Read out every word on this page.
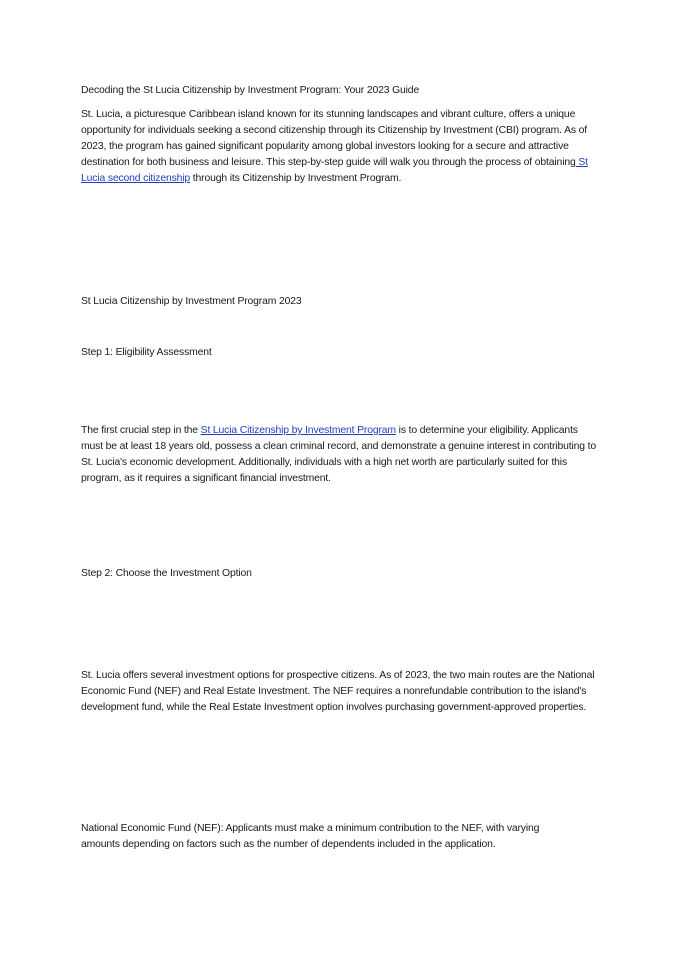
Decoding the St Lucia Citizenship by Investment Program: Your 2023 Guide

St. Lucia, a picturesque Caribbean island known for its stunning landscapes and vibrant culture, offers a unique opportunity for individuals seeking a second citizenship through its Citizenship by Investment (CBI) program. As of 2023, the program has gained significant popularity among global investors looking for a secure and attractive destination for both business and leisure. This step-by-step guide will walk you through the process of obtaining St Lucia second citizenship through its Citizenship by Investment Program.

St Lucia Citizenship by Investment Program 2023

Step 1: Eligibility Assessment

The first crucial step in the St Lucia Citizenship by Investment Program is to determine your eligibility. Applicants must be at least 18 years old, possess a clean criminal record, and demonstrate a genuine interest in contributing to St. Lucia's economic development. Additionally, individuals with a high net worth are particularly suited for this program, as it requires a significant financial investment.

Step 2: Choose the Investment Option

St. Lucia offers several investment options for prospective citizens. As of 2023, the two main routes are the National Economic Fund (NEF) and Real Estate Investment. The NEF requires a nonrefundable contribution to the island's development fund, while the Real Estate Investment option involves purchasing government-approved properties.

National Economic Fund (NEF): Applicants must make a minimum contribution to the NEF, with varying amounts depending on factors such as the number of dependents included in the application.
